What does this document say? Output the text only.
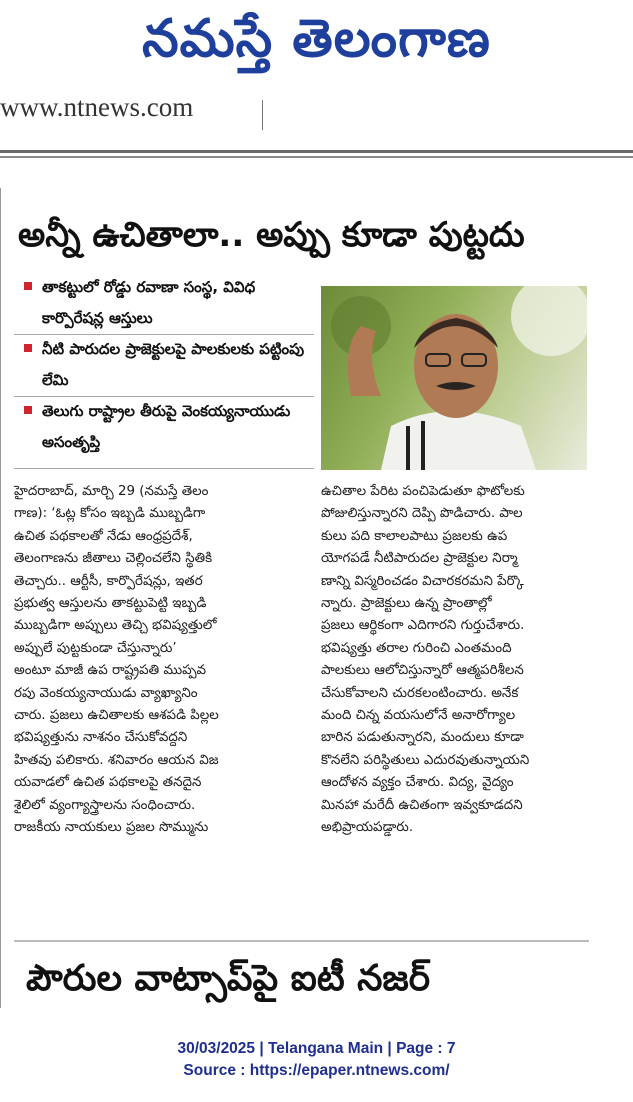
నమస్తే తెలంగాణ
www.ntnews.com
అన్నీ ఉచితాలా.. అప్పు కూడా పుట్టదు
తాకట్టులో రోడ్డు రవాణా సంస్థ, వివిధ కార్పొరేషన్ల ఆస్తులు
నీటి పారుదల ప్రాజెక్టులపై పాలకులకు పట్టింపు లేమి
తెలుగు రాష్ట్రాల తీరుపై వెంకయ్యనాయుడు అసంతృప్తి
హైదరాబాద్, మార్చి 29 (నమస్తే తెలం
గాణ): ‘ఓట్ల కోసం ఇబ్బడి ముబ్బడిగా
ఉచిత పథకాలతో నేడు ఆంధ్రప్రదేశ్,
తెలంగాణను జీతాలు చెల్లించలేని స్థితికి
తెచ్చారు.. ఆర్టీసీ, కార్పొరేషన్లు, ఇతర
ప్రభుత్వ ఆస్తులను తాకట్టుపెట్టి ఇబ్బడి
ముబ్బడిగా అప్పులు తెచ్చి భవిష్యత్తులో
అప్పులే పుట్టకుండా చేస్తున్నారు’
అంటూ మాజీ ఉప రాష్ట్రపతి ముప్పవ
రపు వెంకయ్యనాయుడు వ్యాఖ్యానిం
చారు. ప్రజలు ఉచితాలకు ఆశపడి పిల్లల
భవిష్యత్తును నాశనం చేసుకోవద్దని
హితవు పలికారు. శనివారం ఆయన విజ
యవాడలో ఉచిత పథకాలపై తనదైన
శైలిలో వ్యంగ్యాస్త్రాలను సంధించారు.
రాజకీయ నాయకులు ప్రజల సొమ్మును
ఉచితాల పేరిట పంచిపెడుతూ ఫొటోలకు
పోజులిస్తున్నారని దెప్పి పొడిచారు. పాల
కులు పది కాలాలపాటు ప్రజలకు ఉప
యోగపడే నీటిపారుదల ప్రాజెక్టుల నిర్మా
ణాన్ని విస్మరించడం విచారకరమని పేర్కొ
న్నారు. ప్రాజెక్టులు ఉన్న ప్రాంతాల్లో
ప్రజలు ఆర్థికంగా ఎదిగారని గుర్తుచేశారు.
భవిష్యత్తు తరాల గురించి ఎంతమంది
పాలకులు ఆలోచిస్తున్నారో ఆత్మపరిశీలన
చేసుకోవాలని చురకలంటించారు. అనేక
మంది చిన్న వయసులోనే అనారోగ్యాల
బారిన పడుతున్నారని, మందులు కూడా
కొనలేని పరిస్థితులు ఎదురవుతున్నాయని
ఆందోళన వ్యక్తం చేశారు. విద్య, వైద్యం
మినహా మరేదీ ఉచితంగా ఇవ్వకూడదని
అభిప్రాయపడ్డారు.
పౌరుల వాట్సాప్‌పై ఐటీ నజర్
30/03/2025 | Telangana Main | Page : 7
Source : https://epaper.ntnews.com/
